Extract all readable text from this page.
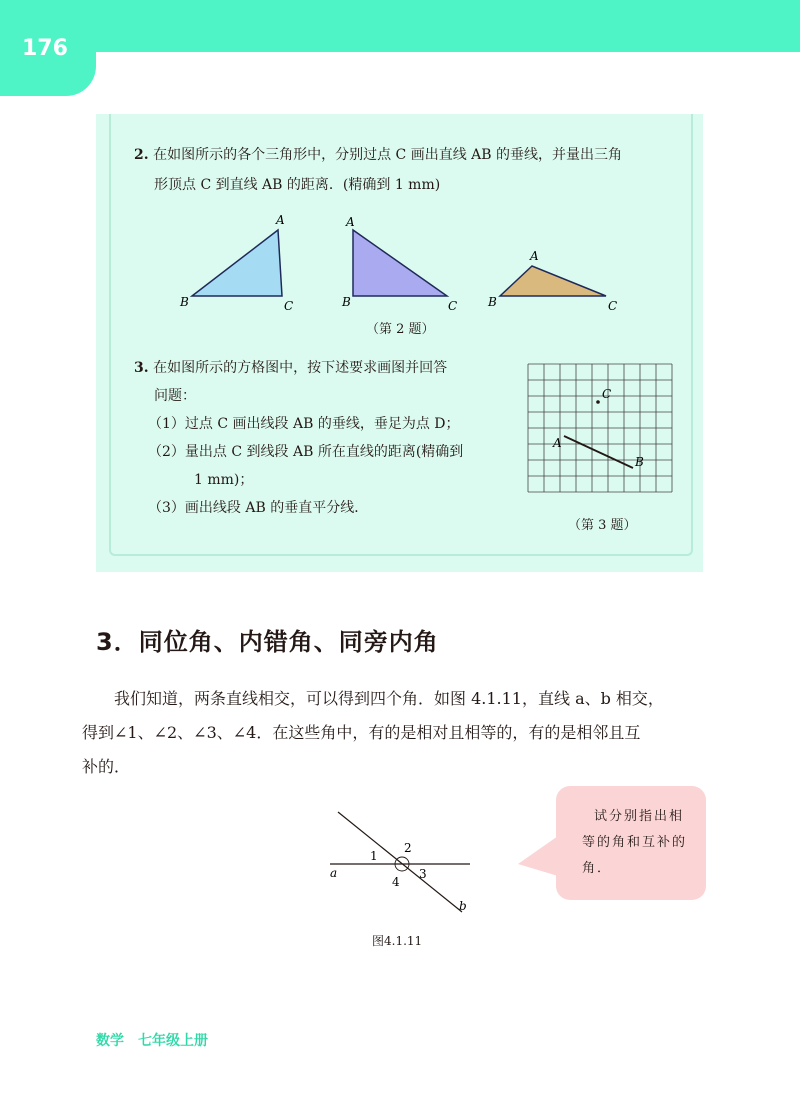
176
2. 在如图所示的各个三角形中，分别过点 C 画出直线 AB 的垂线，并量出三角
形顶点 C 到直线 AB 的距离．(精确到 1 mm)
A
B	C
A
B	C
A
B	C
（第 2 题）
3. 在如图所示的方格图中，按下述要求画图并回答
问题：
（1）过点 C 画出线段 AB 的垂线，垂足为点 D；
（2）量出点 C 到线段 AB 所在直线的距离(精确到
1 mm)；
（3）画出线段 AB 的垂直平分线．
C
A
B
（第 3 题）
3．同位角、内错角、同旁内角
我们知道，两条直线相交，可以得到四个角．如图 4.1.11，直线 a、b 相交，
得到∠1、∠2、∠3、∠4．在这些角中，有的是相对且相等的，有的是相邻且互
补的．
1
2
3
4
a
b
图4.1.11
试分别指出相
等的角和互补的
角．
数学　七年级上册
